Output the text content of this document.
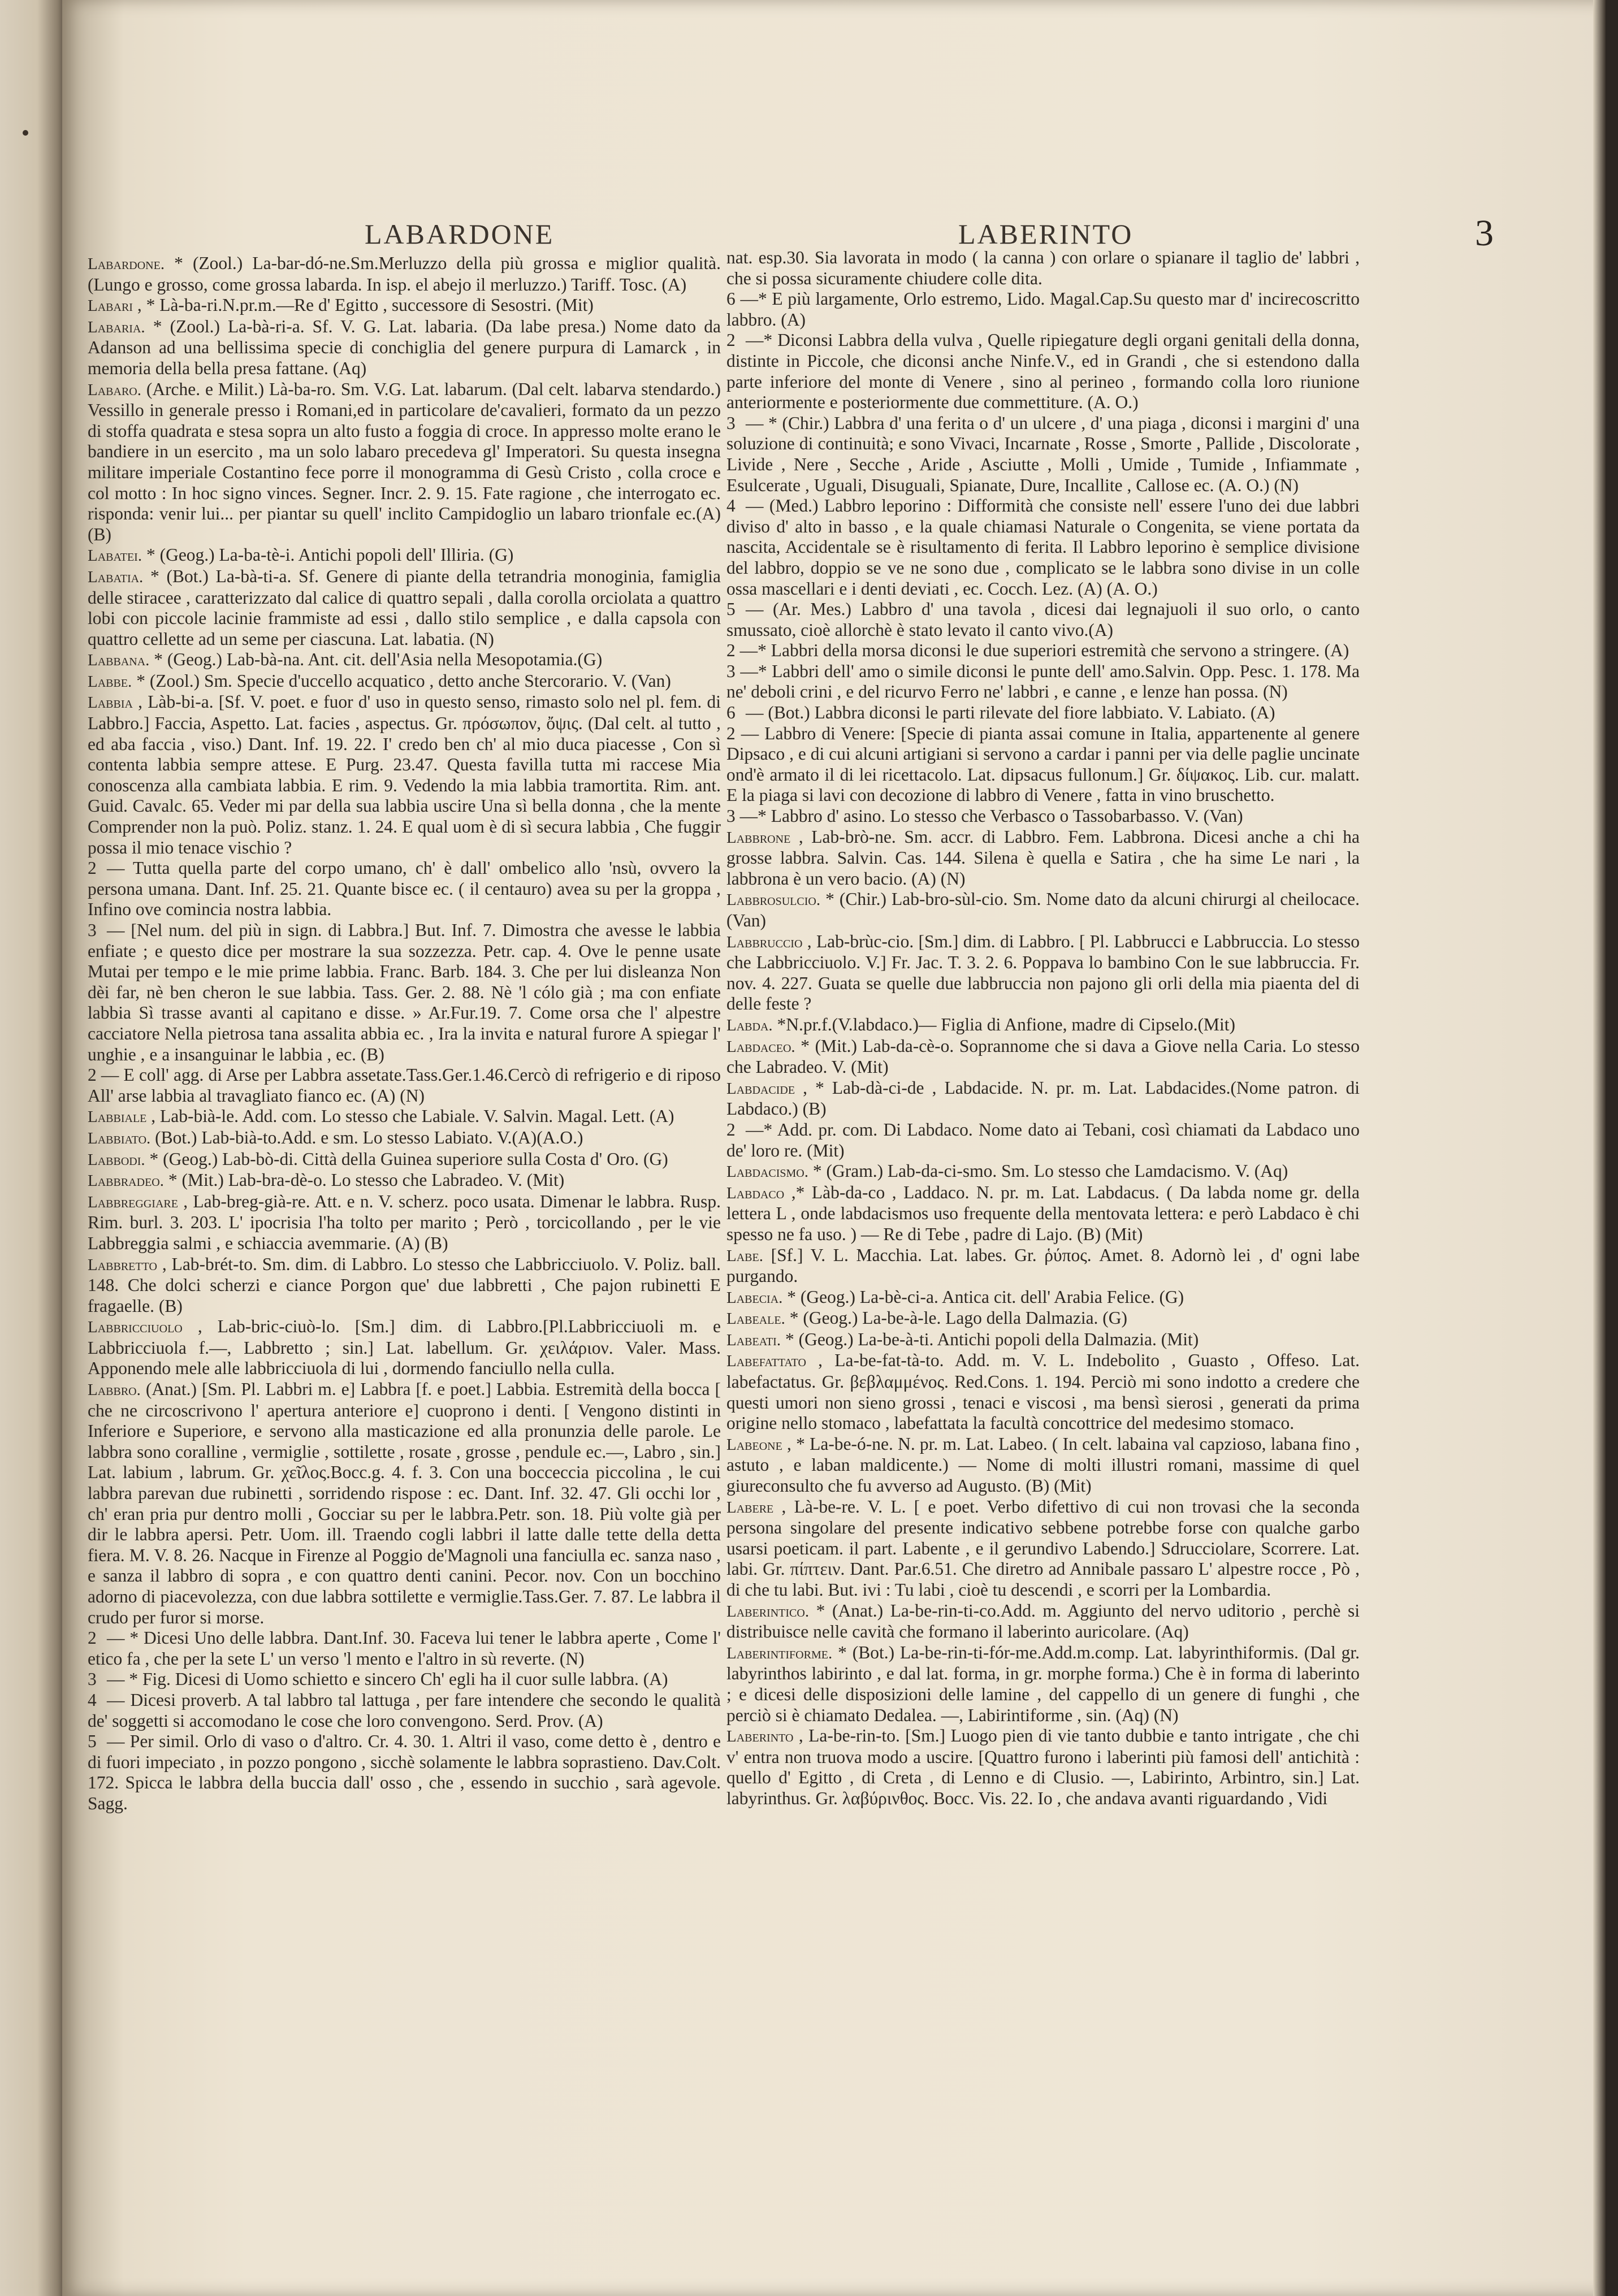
LABARDONE	LABERINTO	3

Labardone. * (Zool.) La-bar-dó-ne.Sm.Merluzzo della più grossa e miglior qualità. (Lungo e grosso, come grossa labarda. In isp. el abejo il merluzzo.) Tariff. Tosc. (A)

Labari , * Là-ba-ri.N.pr.m.—Re d' Egitto , successore di Sesostri. (Mit)

Labaria. * (Zool.) La-bà-ri-a. Sf. V. G. Lat. labaria. (Da labe presa.) Nome dato da Adanson ad una bellissima specie di conchiglia del genere purpura di Lamarck , in memoria della bella presa fattane. (Aq)

Labaro. (Arche. e Milit.) Là-ba-ro. Sm. V.G. Lat. labarum. (Dal celt. labarva stendardo.) Vessillo in generale presso i Romani,ed in particolare de'cavalieri, formato da un pezzo di stoffa quadrata e stesa sopra un alto fusto a foggia di croce. In appresso molte erano le bandiere in un esercito , ma un solo labaro precedeva gl' Imperatori. Su questa insegna militare imperiale Costantino fece porre il monogramma di Gesù Cristo , colla croce e col motto : In hoc signo vinces. Segner. Incr. 2. 9. 15. Fate ragione , che interrogato ec. risponda: venir lui... per piantar su quell' inclito Campidoglio un labaro trionfale ec.(A)(B)

Labatei. * (Geog.) La-ba-tè-i. Antichi popoli dell' Illiria. (G)

Labatia. * (Bot.) La-bà-ti-a. Sf. Genere di piante della tetrandria monoginia, famiglia delle stiracee , caratterizzato dal calice di quattro sepali , dalla corolla orciolata a quattro lobi con piccole lacinie frammiste ad essi , dallo stilo semplice , e dalla capsola con quattro cellette ad un seme per ciascuna. Lat. labatia. (N)

Labbana. * (Geog.) Lab-bà-na. Ant. cit. dell'Asia nella Mesopotamia.(G)

Labbe. * (Zool.) Sm. Specie d'uccello acquatico , detto anche Stercorario. V. (Van)

Labbia , Làb-bi-a. [Sf. V. poet. e fuor d' uso in questo senso, rimasto solo nel pl. fem. di Labbro.] Faccia, Aspetto. Lat. facies , aspectus. Gr. πρόσωπον, ὄψις. (Dal celt. al tutto , ed aba faccia , viso.) Dant. Inf. 19. 22. I' credo ben ch' al mio duca piacesse , Con sì contenta labbia sempre attese. E Purg. 23.47. Questa favilla tutta mi raccese Mia conoscenza alla cambiata labbia. E rim. 9. Vedendo la mia labbia tramortita. Rim. ant. Guid. Cavalc. 65. Veder mi par della sua labbia uscire Una sì bella donna , che la mente Comprender non la può. Poliz. stanz. 1. 24. E qual uom è di sì secura labbia , Che fuggir possa il mio tenace vischio ?

2 — Tutta quella parte del corpo umano, ch' è dall' ombelico allo 'nsù, ovvero la persona umana. Dant. Inf. 25. 21. Quante bisce ec. ( il centauro) avea su per la groppa , Infino ove comincia nostra labbia.

3 — [Nel num. del più in sign. di Labbra.] But. Inf. 7. Dimostra che avesse le labbia enfiate ; e questo dice per mostrare la sua sozzezza. Petr. cap. 4. Ove le penne usate Mutai per tempo e le mie prime labbia. Franc. Barb. 184. 3. Che per lui disleanza Non dèi far, nè ben cheron le sue labbia. Tass. Ger. 2. 88. Nè 'l cólo già ; ma con enfiate labbia Sì trasse avanti al capitano e disse. » Ar.Fur.19. 7. Come orsa che l' alpestre cacciatore Nella pietrosa tana assalita abbia ec. , Ira la invita e natural furore A spiegar l' unghie , e a insanguinar le labbia , ec. (B)

2 — E coll' agg. di Arse per Labbra assetate.Tass.Ger.1.46.Cercò di refrigerio e di riposo All' arse labbia al travagliato fianco ec. (A) (N)

Labbiale , Lab-bià-le. Add. com. Lo stesso che Labiale. V. Salvin. Magal. Lett. (A)

Labbiato. (Bot.) Lab-bià-to.Add. e sm. Lo stesso Labiato. V.(A)(A.O.)

Labbodi. * (Geog.) Lab-bò-di. Città della Guinea superiore sulla Costa d' Oro. (G)

Labbradeo. * (Mit.) Lab-bra-dè-o. Lo stesso che Labradeo. V. (Mit)

Labbreggiare , Lab-breg-già-re. Att. e n. V. scherz. poco usata. Dimenar le labbra. Rusp. Rim. burl. 3. 203. L' ipocrisia l'ha tolto per marito ; Però , torcicollando , per le vie Labbreggia salmi , e schiaccia avemmarie. (A) (B)

Labbretto , Lab-brét-to. Sm. dim. di Labbro. Lo stesso che Labbricciuolo. V. Poliz. ball. 148. Che dolci scherzi e ciance Porgon que' due labbretti , Che pajon rubinetti E fragaelle. (B)

Labbricciuolo , Lab-bric-ciuò-lo. [Sm.] dim. di Labbro.[Pl.Labbricciuoli m. e Labbricciuola f.—, Labbretto ; sin.] Lat. labellum. Gr. χειλάριον. Valer. Mass. Apponendo mele alle labbricciuola di lui , dormendo fanciullo nella culla.

Labbro. (Anat.) [Sm. Pl. Labbri m. e] Labbra [f. e poet.] Labbia. Estremità della bocca [ che ne circoscrivono l' apertura anteriore e] cuoprono i denti. [ Vengono distinti in Inferiore e Superiore, e servono alla masticazione ed alla pronunzia delle parole. Le labbra sono coralline , vermiglie , sottilette , rosate , grosse , pendule ec.—, Labro , sin.] Lat. labium , labrum. Gr. χεῖλος.Bocc.g. 4. f. 3. Con una bocceccia piccolina , le cui labbra parevan due rubinetti , sorridendo rispose : ec. Dant. Inf. 32. 47. Gli occhi lor , ch' eran pria pur dentro molli , Gocciar su per le labbra.Petr. son. 18. Più volte già per dir le labbra apersi. Petr. Uom. ill. Traendo cogli labbri il latte dalle tette della detta fiera. M. V. 8. 26. Nacque in Firenze al Poggio de'Magnoli una fanciulla ec. sanza naso , e sanza il labbro di sopra , e con quattro denti canini. Pecor. nov. Con un bocchino adorno di piacevolezza, con due labbra sottilette e vermiglie.Tass.Ger. 7. 87. Le labbra il crudo per furor si morse.

2 — * Dicesi Uno delle labbra. Dant.Inf. 30. Faceva lui tener le labbra aperte , Come l' etico fa , che per la sete L' un verso 'l mento e l'altro in sù reverte. (N)

3 — * Fig. Dicesi di Uomo schietto e sincero Ch' egli ha il cuor sulle labbra. (A)

4 — Dicesi proverb. A tal labbro tal lattuga , per fare intendere che secondo le qualità de' soggetti si accomodano le cose che loro convengono. Serd. Prov. (A)

5 — Per simil. Orlo di vaso o d'altro. Cr. 4. 30. 1. Altri il vaso, come detto è , dentro e di fuori impeciato , in pozzo pongono , sicchè solamente le labbra soprastieno. Dav.Colt. 172. Spicca le labbra della buccia dall' osso , che , essendo in succhio , sarà agevole. Sagg.

nat. esp.30. Sia lavorata in modo ( la canna ) con orlare o spianare il taglio de' labbri , che si possa sicuramente chiudere colle dita.

6 —* E più largamente, Orlo estremo, Lido. Magal.Cap.Su questo mar d' incirecoscritto labbro. (A)

2 —* Diconsi Labbra della vulva , Quelle ripiegature degli organi genitali della donna, distinte in Piccole, che diconsi anche Ninfe.V., ed in Grandi , che si estendono dalla parte inferiore del monte di Venere , sino al perineo , formando colla loro riunione anteriormente e posteriormente due commettiture. (A. O.)

3 — * (Chir.) Labbra d' una ferita o d' un ulcere , d' una piaga , diconsi i margini d' una soluzione di continuità; e sono Vivaci, Incarnate , Rosse , Smorte , Pallide , Discolorate , Livide , Nere , Secche , Aride , Asciutte , Molli , Umide , Tumide , Infiammate , Esulcerate , Uguali, Disuguali, Spianate, Dure, Incallite , Callose ec. (A. O.) (N)

4 — (Med.) Labbro leporino : Difformità che consiste nell' essere l'uno dei due labbri diviso d' alto in basso , e la quale chiamasi Naturale o Congenita, se viene portata da nascita, Accidentale se è risultamento di ferita. Il Labbro leporino è semplice divisione del labbro, doppio se ve ne sono due , complicato se le labbra sono divise in un colle ossa mascellari e i denti deviati , ec. Cocch. Lez. (A) (A. O.)

5 — (Ar. Mes.) Labbro d' una tavola , dicesi dai legnajuoli il suo orlo, o canto smussato, cioè allorchè è stato levato il canto vivo.(A)

2 —* Labbri della morsa diconsi le due superiori estremità che servono a stringere. (A)

3 —* Labbri dell' amo o simile diconsi le punte dell' amo.Salvin. Opp. Pesc. 1. 178. Ma ne' deboli crini , e del ricurvo Ferro ne' labbri , e canne , e lenze han possa. (N)

6 — (Bot.) Labbra diconsi le parti rilevate del fiore labbiato. V. Labiato. (A)

2 — Labbro di Venere: [Specie di pianta assai comune in Italia, appartenente al genere Dipsaco , e di cui alcuni artigiani si servono a cardar i panni per via delle paglie uncinate ond'è armato il di lei ricettacolo. Lat. dipsacus fullonum.] Gr. δίψακος. Lib. cur. malatt. E la piaga si lavi con decozione di labbro di Venere , fatta in vino bruschetto.

3 —* Labbro d' asino. Lo stesso che Verbasco o Tassobarbasso. V. (Van)

Labbrone , Lab-brò-ne. Sm. accr. di Labbro. Fem. Labbrona. Dicesi anche a chi ha grosse labbra. Salvin. Cas. 144. Silena è quella e Satira , che ha sime Le nari , la labbrona è un vero bacio. (A) (N)

Labbrosulcio. * (Chir.) Lab-bro-sùl-cio. Sm. Nome dato da alcuni chirurgi al cheilocace. (Van)

Labbruccio , Lab-brùc-cio. [Sm.] dim. di Labbro. [ Pl. Labbrucci e Labbruccia. Lo stesso che Labbricciuolo. V.] Fr. Jac. T. 3. 2. 6. Poppava lo bambino Con le sue labbruccia. Fr. nov. 4. 227. Guata se quelle due labbruccia non pajono gli orli della mia piaenta del di delle feste ?

Labda. *N.pr.f.(V.labdaco.)— Figlia di Anfione, madre di Cipselo.(Mit)

Labdaceo. * (Mit.) Lab-da-cè-o. Soprannome che si dava a Giove nella Caria. Lo stesso che Labradeo. V. (Mit)

Labdacide , * Lab-dà-ci-de , Labdacide. N. pr. m. Lat. Labdacides.(Nome patron. di Labdaco.) (B)

2 —* Add. pr. com. Di Labdaco. Nome dato ai Tebani, così chiamati da Labdaco uno de' loro re. (Mit)

Labdacismo. * (Gram.) Lab-da-ci-smo. Sm. Lo stesso che Lamdacismo. V. (Aq)

Labdaco ,* Làb-da-co , Laddaco. N. pr. m. Lat. Labdacus. ( Da labda nome gr. della lettera L , onde labdacismos uso frequente della mentovata lettera: e però Labdaco è chi spesso ne fa uso. ) — Re di Tebe , padre di Lajo. (B) (Mit)

Labe. [Sf.] V. L. Macchia. Lat. labes. Gr. ῥύπος. Amet. 8. Adornò lei , d' ogni labe purgando.

Labecia. * (Geog.) La-bè-ci-a. Antica cit. dell' Arabia Felice. (G)

Labeale. * (Geog.) La-be-à-le. Lago della Dalmazia. (G)

Labeati. * (Geog.) La-be-à-ti. Antichi popoli della Dalmazia. (Mit)

Labefattato , La-be-fat-tà-to. Add. m. V. L. Indebolito , Guasto , Offeso. Lat. labefactatus. Gr. βεβλαμμένος. Red.Cons. 1. 194. Perciò mi sono indotto a credere che questi umori non sieno grossi , tenaci e viscosi , ma bensì sierosi , generati da prima origine nello stomaco , labefattata la facultà concottrice del medesimo stomaco.

Labeone , * La-be-ó-ne. N. pr. m. Lat. Labeo. ( In celt. labaina val capzioso, labana fino , astuto , e laban maldicente.) — Nome di molti illustri romani, massime di quel giureconsulto che fu avverso ad Augusto. (B) (Mit)

Labere , Là-be-re. V. L. [ e poet. Verbo difettivo di cui non trovasi che la seconda persona singolare del presente indicativo sebbene potrebbe forse con qualche garbo usarsi poeticam. il part. Labente , e il gerundivo Labendo.] Sdrucciolare, Scorrere. Lat. labi. Gr. πίπτειν. Dant. Par.6.51. Che diretro ad Annibale passaro L' alpestre rocce , Pò , di che tu labi. But. ivi : Tu labi , cioè tu descendi , e scorri per la Lombardia.

Laberintico. * (Anat.) La-be-rin-ti-co.Add. m. Aggiunto del nervo uditorio , perchè si distribuisce nelle cavità che formano il laberinto auricolare. (Aq)

Laberintiforme. * (Bot.) La-be-rin-ti-fór-me.Add.m.comp. Lat. labyrinthiformis. (Dal gr. labyrinthos labirinto , e dal lat. forma, in gr. morphe forma.) Che è in forma di laberinto ; e dicesi delle disposizioni delle lamine , del cappello di un genere di funghi , che perciò si è chiamato Dedalea. —, Labirintiforme , sin. (Aq) (N)

Laberinto , La-be-rin-to. [Sm.] Luogo pien di vie tanto dubbie e tanto intrigate , che chi v' entra non truova modo a uscire. [Quattro furono i laberinti più famosi dell' antichità : quello d' Egitto , di Creta , di Lenno e di Clusio. —, Labirinto, Arbintro, sin.] Lat. labyrinthus. Gr. λαβύρινθος. Bocc. Vis. 22. Io , che andava avanti riguardando , Vidi
